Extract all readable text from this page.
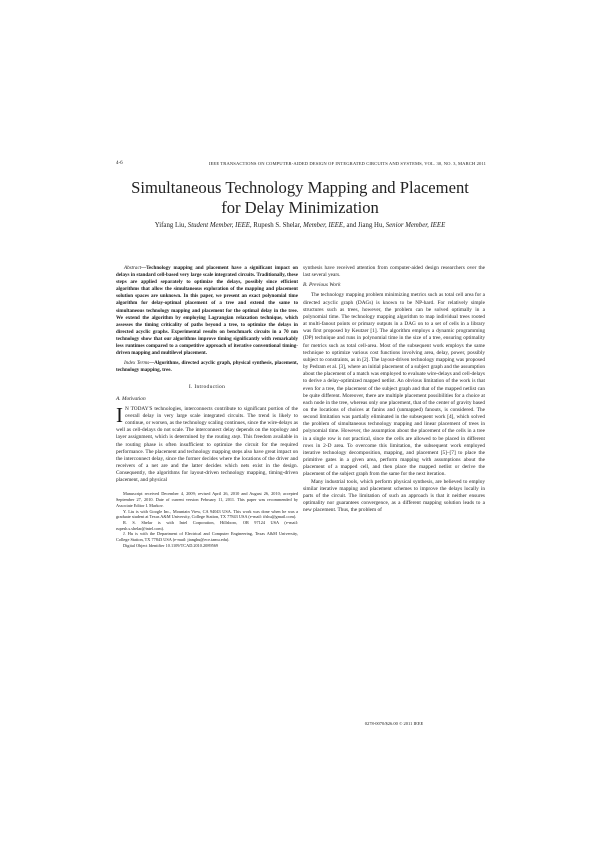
4-6	IEEE TRANSACTIONS ON COMPUTER-AIDED DESIGN OF INTEGRATED CIRCUITS AND SYSTEMS, VOL. 30, NO. 3, MARCH 2011
Simultaneous Technology Mapping and Placement
for Delay Minimization
Yifang Liu, Student Member, IEEE, Rupesh S. Shelar, Member, IEEE, and Jiang Hu, Senior Member, IEEE

Abstract—Technology mapping and placement have a significant impact on delays in standard cell-based very large scale integrated circuits. Traditionally, these steps are applied separately to optimize the delays, possibly since efficient algorithms that allow the simultaneous exploration of the mapping and placement solution spaces are unknown. In this paper, we present an exact polynomial time algorithm for delay-optimal placement of a tree and extend the same to simultaneous technology mapping and placement for the optimal delay in the tree. We extend the algorithm by employing Lagrangian relaxation technique, which assesses the timing criticality of paths beyond a tree, to optimize the delays in directed acyclic graphs. Experimental results on benchmark circuits in a 70 nm technology show that our algorithms improve timing significantly with remarkably less runtimes compared to a competitive approach of iterative conventional timing-driven mapping and multilevel placement.

Index Terms—Algorithms, directed acyclic graph, physical synthesis, placement, technology mapping, tree.

I. Introduction

A. Motivation

I N TODAY'S technologies, interconnects contribute to significant portion of the overall delay in very large scale integrated circuits. The trend is likely to continue, or worsen, as the technology scaling continues, since the wire-delays as well as cell-delays do not scale. The interconnect delay depends on the topology and layer assignment, which is determined by the routing step. This freedom available in the routing phase is often insufficient to optimize the circuit for the required performance. The placement and technology mapping steps also have great impact on the interconnect delay, since the former decides where the locations of the driver and receivers of a net are and the latter decides which nets exist in the design. Consequently, the algorithms for layout-driven technology mapping, timing-driven placement, and physical

Manuscript received December 4, 2009; revised April 26, 2010 and August 26, 2010; accepted September 27, 2010. Date of current version February 11, 2011. This paper was recommended by Associate Editor I. Markov.

Y. Liu is with Google Inc., Mountain View, CA 94043 USA. This work was done when he was a graduate student at Texas A&M University, College Station, TX 77843 USA (e-mail: ifshu@gmail.com).

R. S. Shelar is with Intel Corporation, Hillsboro, OR 97124 USA (e-mail: rupesh.s.shelar@intel.com).

J. Hu is with the Department of Electrical and Computer Engineering, Texas A&M University, College Station, TX 77843 USA (e-mail: jianghu@ece.tamu.edu).

Digital Object Identifier 10.1109/TCAD.2010.2089569

synthesis have received attention from computer-aided design researchers over the last several years.

B. Previous Work

The technology mapping problem minimizing metrics such as total cell area for a directed acyclic graph (DAGs) is known to be NP-hard. For relatively simple structures such as trees, however, the problem can be solved optimally in a polynomial time. The technology mapping algorithm to map individual trees rooted at multi-fanout points or primary outputs in a DAG on to a set of cells in a library was first proposed by Keutzer [1]. The algorithm employs a dynamic programming (DP) technique and runs in polynomial time in the size of a tree, ensuring optimality for metrics such as total cell-area. Most of the subsequent work employs the same technique to optimize various cost functions involving area, delay, power, possibly subject to constraints, as in [2]. The layout-driven technology mapping was proposed by Pedram et al. [3], where an initial placement of a subject graph and the assumption about the placement of a match was employed to evaluate wire-delays and cell-delays to derive a delay-optimized mapped netlist. An obvious limitation of the work is that even for a tree, the placement of the subject graph and that of the mapped netlist can be quite different. Moreover, there are multiple placement possibilities for a choice at each node in the tree, whereas only one placement, that of the center of gravity based on the locations of choices at fanins and (unmapped) fanouts, is considered. The second limitation was partially eliminated in the subsequent work [4], which solved the problem of simultaneous technology mapping and linear placement of trees in polynomial time. However, the assumption about the placement of the cells in a tree in a single row is not practical, since the cells are allowed to be placed in different rows in 2-D area. To overcome this limitation, the subsequent work employed iterative technology decomposition, mapping, and placement [5]–[7] to place the primitive gates in a given area, perform mapping with assumptions about the placement of a mapped cell, and then place the mapped netlist or derive the placement of the subject graph from the same for the next iteration.

Many industrial tools, which perform physical synthesis, are believed to employ similar iterative mapping and placement schemes to improve the delays locally in parts of the circuit. The limitation of such an approach is that it neither ensures optimality nor guarantees convergence, as a different mapping solution leads to a new placement. Thus, the problem of

0278-0070/$26.00 © 2011 IEEE
